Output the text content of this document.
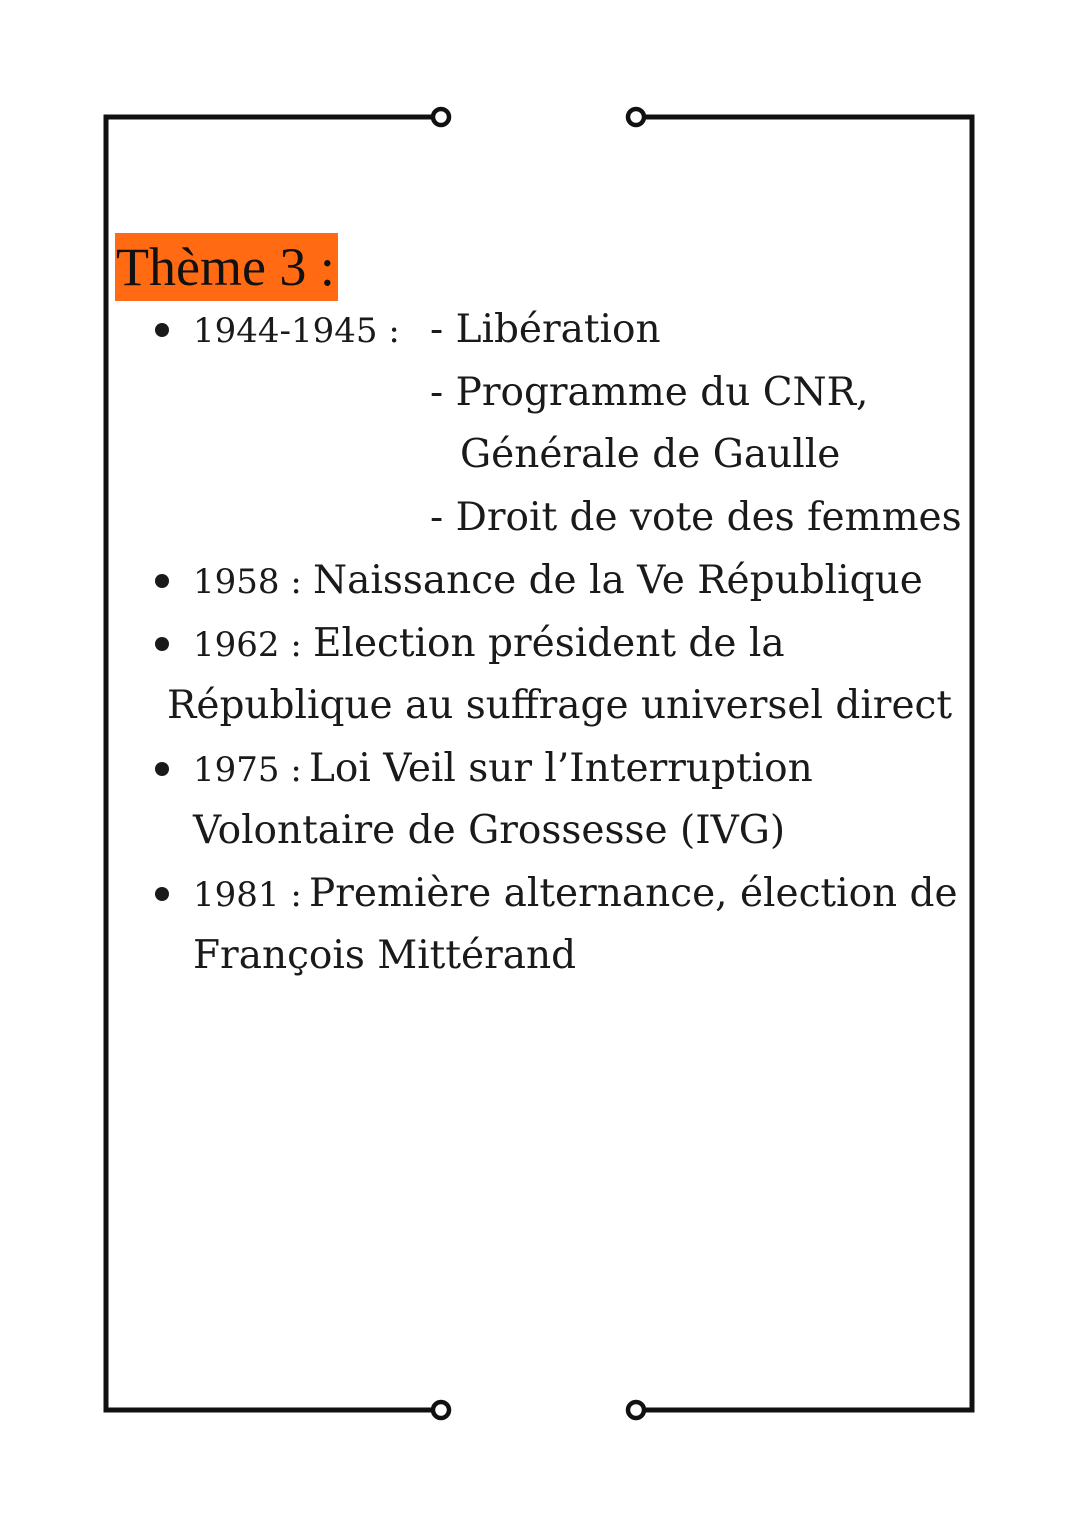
Thème 3 :
1944-1945 : - Libération
- Programme du CNR,
Générale de Gaulle
- Droit de vote des femmes
1958 : Naissance de la Ve République
1962 : Election président de la
République au suffrage universel direct
1975 : Loi Veil sur l’Interruption
Volontaire de Grossesse (IVG)
1981 : Première alternance, élection de
François Mittérand
